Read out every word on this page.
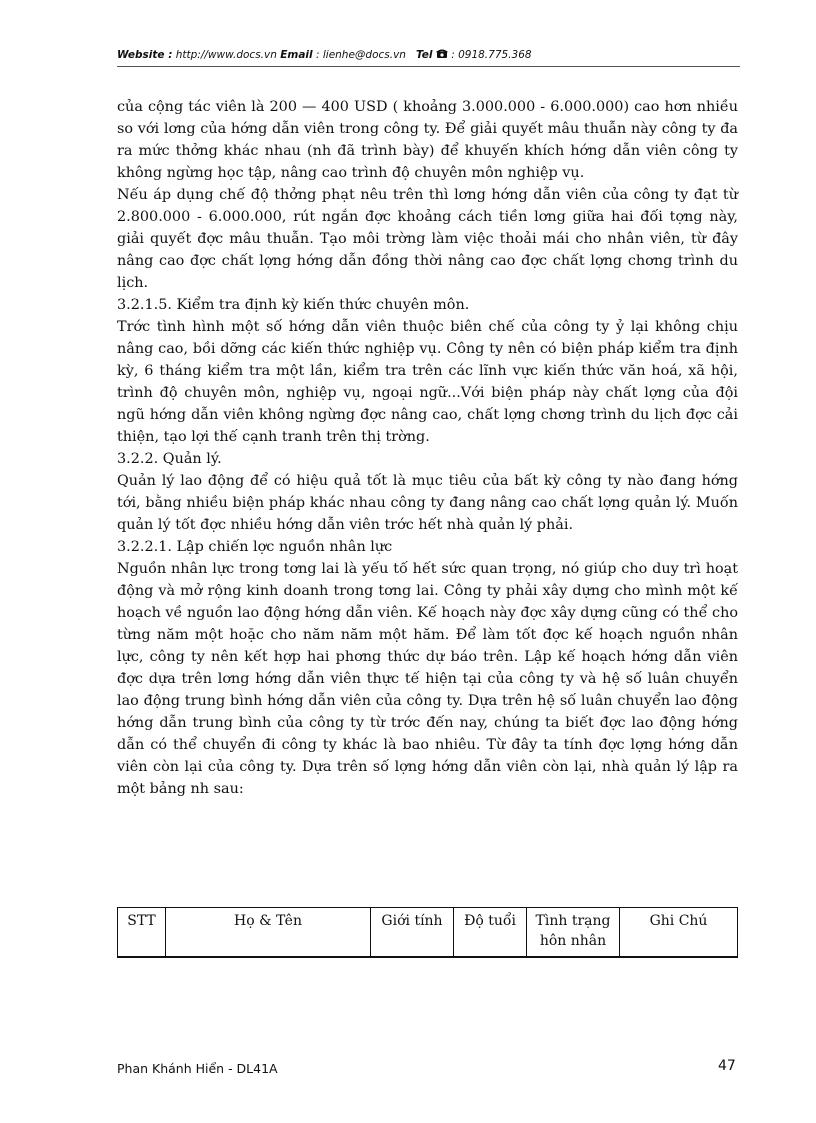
Website : http://www.docs.vn Email : lienhe@docs.vn Tel : 0918.775.368

của cộng tác viên là 200 — 400 USD ( khoảng 3.000.000 - 6.000.000) cao hơn nhiều so với lơng của hớng dẫn viên trong công ty. Để giải quyết mâu thuẫn này công ty đa ra mức thởng khác nhau (nh đã trình bày) để khuyến khích hớng dẫn viên công ty không ngừng học tập, nâng cao trình độ chuyên môn nghiệp vụ.

Nếu áp dụng chế độ thởng phạt nêu trên thì lơng hớng dẫn viên của công ty đạt từ 2.800.000 - 6.000.000, rút ngắn đợc khoảng cách tiền lơng giữa hai đối tợng này, giải quyết đợc mâu thuẫn. Tạo môi trờng làm việc thoải mái cho nhân viên, từ đây nâng cao đợc chất lợng hớng dẫn đồng thời nâng cao đợc chất lợng chơng trình du lịch.

3.2.1.5. Kiểm tra định kỳ kiến thức chuyên môn.

Trớc tình hình một số hớng dẫn viên thuộc biên chế của công ty ỷ lại không chịu nâng cao, bồi dỡng các kiến thức nghiệp vụ. Công ty nên có biện pháp kiểm tra định kỳ, 6 tháng kiểm tra một lần, kiểm tra trên các lĩnh vực kiến thức văn hoá, xã hội, trình độ chuyên môn, nghiệp vụ, ngoại ngữ...Với biện pháp này chất lợng của đội ngũ hớng dẫn viên không ngừng đợc nâng cao, chất lợng chơng trình du lịch đợc cải thiện, tạo lợi thế cạnh tranh trên thị trờng.

3.2.2. Quản lý.

Quản lý lao động để có hiệu quả tốt là mục tiêu của bất kỳ công ty nào đang hớng tới, bằng nhiều biện pháp khác nhau công ty đang nâng cao chất lợng quản lý. Muốn quản lý tốt đợc nhiều hớng dẫn viên trớc hết nhà quản lý phải.

3.2.2.1. Lập chiến lợc nguồn nhân lực

Nguồn nhân lực trong tơng lai là yếu tố hết sức quan trọng, nó giúp cho duy trì hoạt động và mở rộng kinh doanh trong tơng lai. Công ty phải xây dựng cho mình một kế hoạch về nguồn lao động hớng dẫn viên. Kế hoạch này đợc xây dựng cũng có thể cho từng năm một hoặc cho năm năm một hăm. Để làm tốt đợc kế hoạch nguồn nhân lực, công ty nên kết hợp hai phơng thức dự báo trên. Lập kế hoạch hớng dẫn viên đợc dựa trên lơng hớng dẫn viên thực tế hiện tại của công ty và hệ số luân chuyển lao động trung bình hớng dẫn viên của công ty. Dựa trên hệ số luân chuyển lao động hớng dẫn trung bình của công ty từ trớc đến nay, chúng ta biết đợc lao động hớng dẫn có thể chuyển đi công ty khác là bao nhiêu. Từ đây ta tính đợc lợng hớng dẫn viên còn lại của công ty. Dựa trên số lợng hớng dẫn viên còn lại, nhà quản lý lập ra một bảng nh sau:

STT	Họ & Tên	Giới tính	Độ tuổi	Tình trạng hôn nhân	Ghi Chú
Phan Khánh Hiển - DL41A	47
